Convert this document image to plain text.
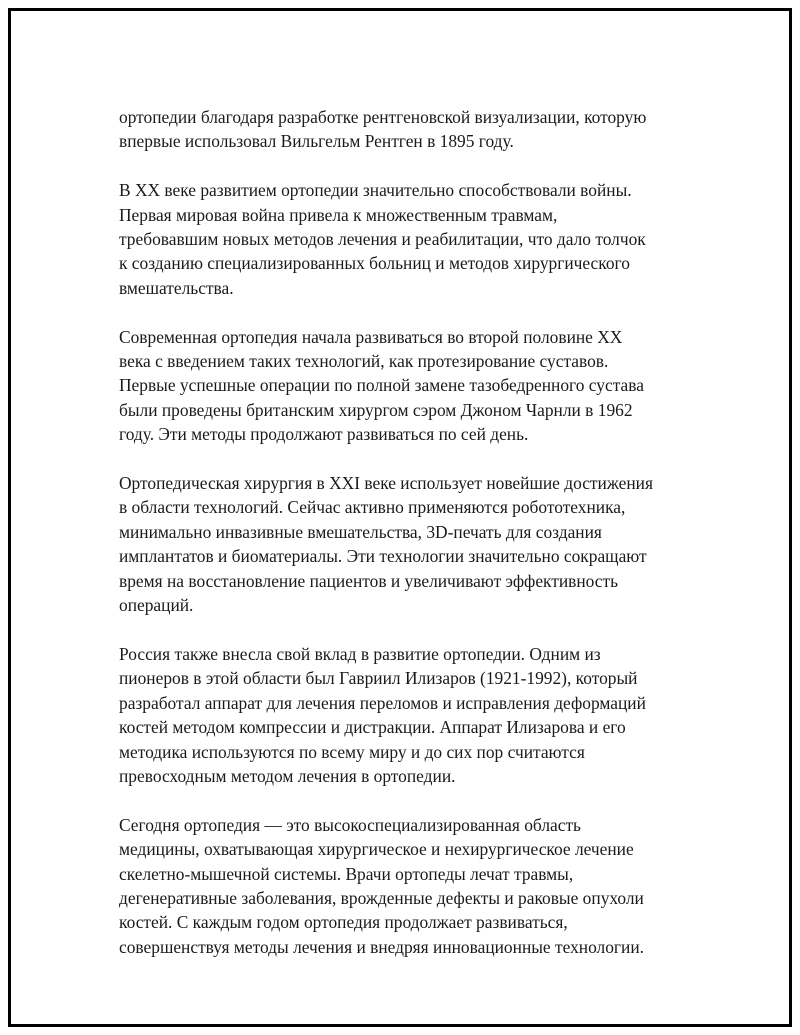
ортопедии благодаря разработке рентгеновской визуализации, которую
впервые использовал Вильгельм Рентген в 1895 году.

В XX веке развитием ортопедии значительно способствовали войны.
Первая мировая война привела к множественным травмам,
требовавшим новых методов лечения и реабилитации, что дало толчок
к созданию специализированных больниц и методов хирургического
вмешательства.

Современная ортопедия начала развиваться во второй половине XX
века с введением таких технологий, как протезирование суставов.
Первые успешные операции по полной замене тазобедренного сустава
были проведены британским хирургом сэром Джоном Чарнли в 1962
году. Эти методы продолжают развиваться по сей день.

Ортопедическая хирургия в XXI веке использует новейшие достижения
в области технологий. Сейчас активно применяются робототехника,
минимально инвазивные вмешательства, 3D-печать для создания
имплантатов и биоматериалы. Эти технологии значительно сокращают
время на восстановление пациентов и увеличивают эффективность
операций.

Россия также внесла свой вклад в развитие ортопедии. Одним из
пионеров в этой области был Гавриил Илизаров (1921-1992), который
разработал аппарат для лечения переломов и исправления деформаций
костей методом компрессии и дистракции. Аппарат Илизарова и его
методика используются по всему миру и до сих пор считаются
превосходным методом лечения в ортопедии.

Сегодня ортопедия — это высокоспециализированная область
медицины, охватывающая хирургическое и нехирургическое лечение
скелетно-мышечной системы. Врачи ортопеды лечат травмы,
дегенеративные заболевания, врожденные дефекты и раковые опухоли
костей. С каждым годом ортопедия продолжает развиваться,
совершенствуя методы лечения и внедряя инновационные технологии.
